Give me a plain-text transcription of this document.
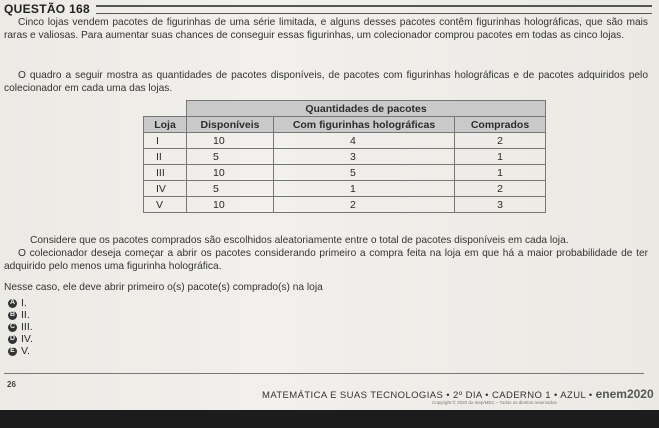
QUESTÃO 168
Cinco lojas vendem pacotes de figurinhas de uma série limitada, e alguns desses pacotes contêm figurinhas holográficas, que são mais raras e valiosas. Para aumentar suas chances de conseguir essas figurinhas, um colecionador comprou pacotes em todas as cinco lojas.
O quadro a seguir mostra as quantidades de pacotes disponíveis, de pacotes com figurinhas holográficas e de pacotes adquiridos pelo colecionador em cada uma das lojas.
	Quantidades de pacotes		
Loja	Disponíveis	Com figurinhas holográficas	Comprados
I	10	4	2
II	5	3	1
III	10	5	1
IV	5	1	2
V	10	2	3
Considere que os pacotes comprados são escolhidos aleatoriamente entre o total de pacotes disponíveis em cada loja.
O colecionador deseja começar a abrir os pacotes considerando primeiro a compra feita na loja em que há a maior probabilidade de ter adquirido pelo menos uma figurinha holográfica.
Nesse caso, ele deve abrir primeiro o(s) pacote(s) comprado(s) na loja
A I.
B II.
C III.
D IV.
E V.
26
MATEMÁTICA E SUAS TECNOLOGIAS • 2º DIA • CADERNO 1 • AZUL • enem2020
Copyright © 2020 do Inep/MEC – Todos os direitos reservados
